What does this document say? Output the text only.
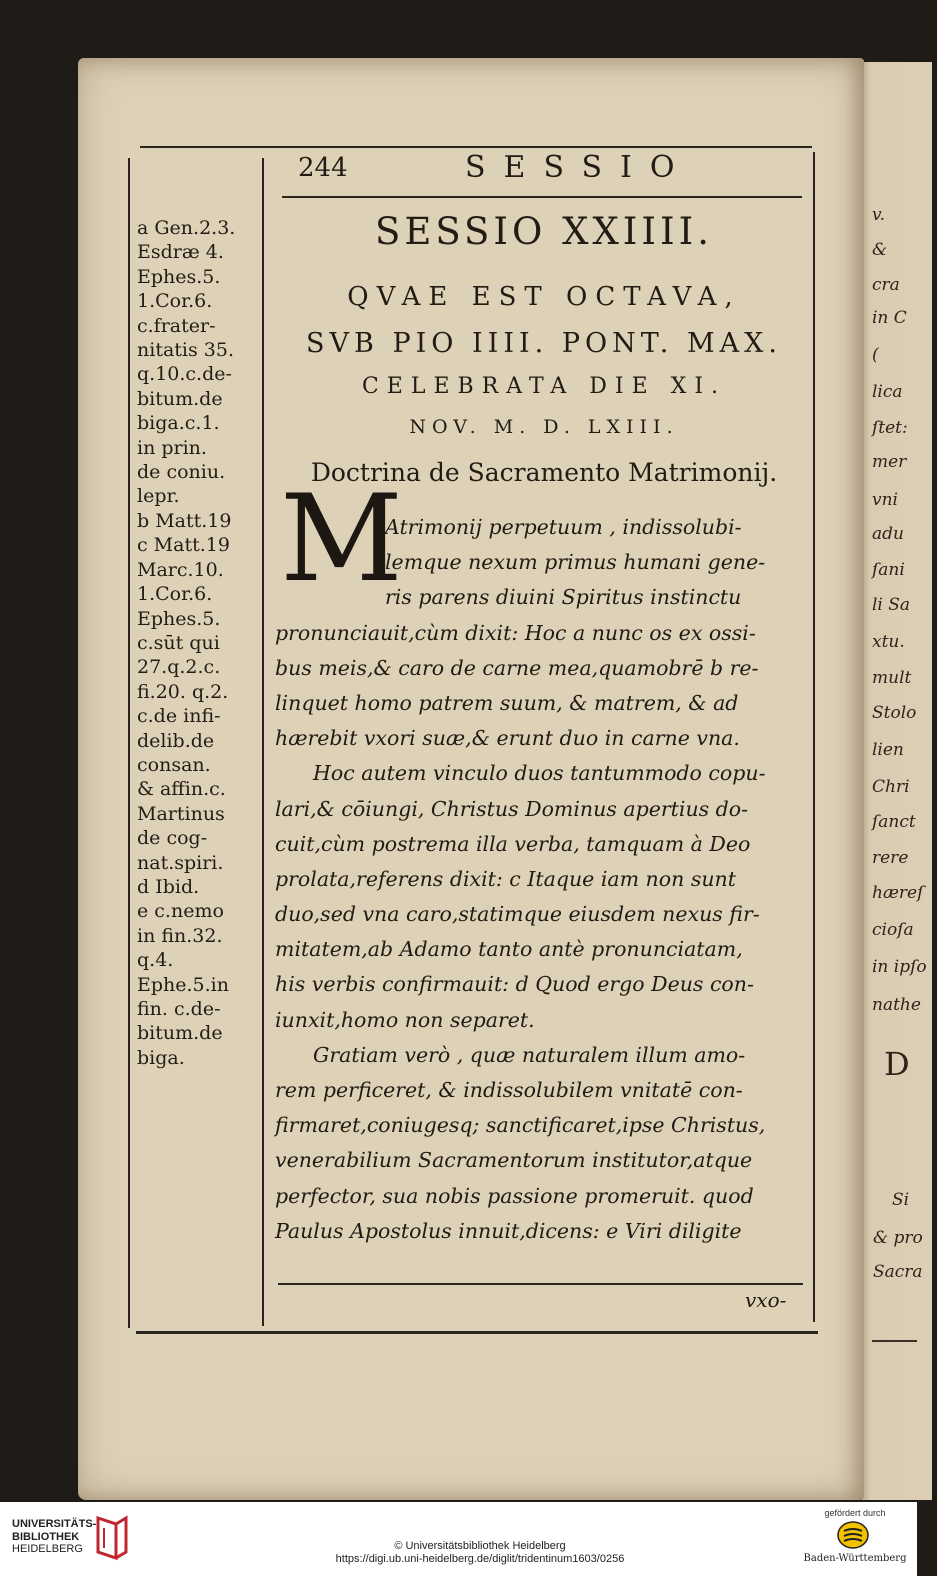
v.
&
cra
in C
(
lica
ſtet:
mer
vni
adu
ſani
li Sa
xtu.
mult
Stolo
lien
Chri
ſanct
rere
hæreſ
cioſa
in ipſo
nathe
D
Si
& pro
Sacra
a Gen.2.3.
Esdræ 4.
Ephes.5.
1.Cor.6.
c.frater-
nitatis 35.
q.10.c.de-
bitum.de
biga.c.1.
in prin.
de coniu.
lepr.
b Matt.19
c Matt.19
Marc.10.
1.Cor.6.
Ephes.5.
c.sūt qui
27.q.2.c.
fi.20. q.2.
c.de infi-
delib.de
consan.
& affin.c.
Martinus
de cog-
nat.spiri.
d Ibid.
e c.nemo
in fin.32.
q.4.
Ephe.5.in
fin. c.de-
bitum.de
biga.
244	SESSIO
SESSIO XXIIII.
QVAE EST OCTAVA,
SVB PIO IIII. PONT. MAX.
CELEBRATA DIE XI.
NOV. M. D. LXIII.
Doctrina de Sacramento Matrimonij.
M
Atrimonij perpetuum , indissolubi-
lemque nexum primus humani gene-
ris parens diuini Spiritus instinctu
pronunciauit,cùm dixit: Hoc a nunc os ex ossi-
bus meis,& caro de carne mea,quamobrē b re-
linquet homo patrem suum, & matrem, & ad
hærebit vxori suæ,& erunt duo in carne vna.
Hoc autem vinculo duos tantummodo copu-
lari,& cōiungi, Christus Dominus apertius do-
cuit,cùm postrema illa verba, tamquam à Deo
prolata,referens dixit: c Itaque iam non sunt
duo,sed vna caro,statimque eiusdem nexus fir-
mitatem,ab Adamo tanto antè pronunciatam,
his verbis confirmauit: d Quod ergo Deus con-
iunxit,homo non separet.
Gratiam verò , quæ naturalem illum amo-
rem perficeret, & indissolubilem vnitatē con-
firmaret,coniugesq; sanctificaret,ipse Christus,
venerabilium Sacramentorum institutor,atque
perfector, sua nobis passione promeruit. quod
Paulus Apostolus innuit,dicens: e Viri diligite
vxo-
UNIVERSITÄTS-
BIBLIOTHEK
HEIDELBERG	© Universitätsbibliothek Heidelberg
https://digi.ub.uni-heidelberg.de/diglit/tridentinum1603/0256
gefördert durch
Baden-Württemberg
